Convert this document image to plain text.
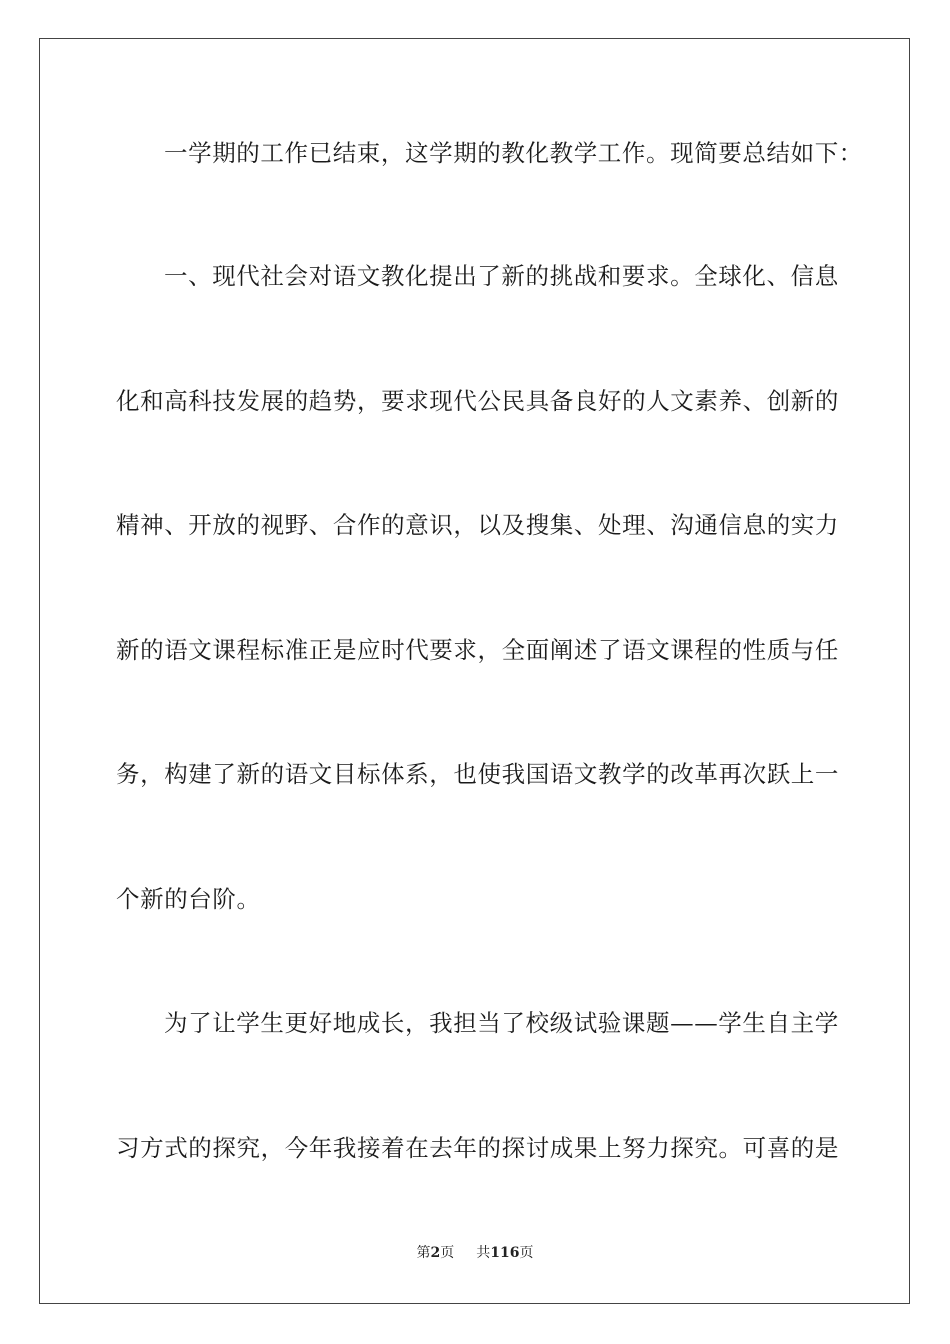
一学期的工作已结束，这学期的教化教学工作。现简要总结如下：
一、现代社会对语文教化提出了新的挑战和要求。全球化、信息
化和高科技发展的趋势，要求现代公民具备良好的人文素养、创新的
精神、开放的视野、合作的意识，以及搜集、处理、沟通信息的实力
新的语文课程标准正是应时代要求，全面阐述了语文课程的性质与任
务，构建了新的语文目标体系，也使我国语文教学的改革再次跃上一
个新的台阶。
为了让学生更好地成长，我担当了校级试验课题——学生自主学
习方式的探究，今年我接着在去年的探讨成果上努力探究。可喜的是
第2页 共116页
